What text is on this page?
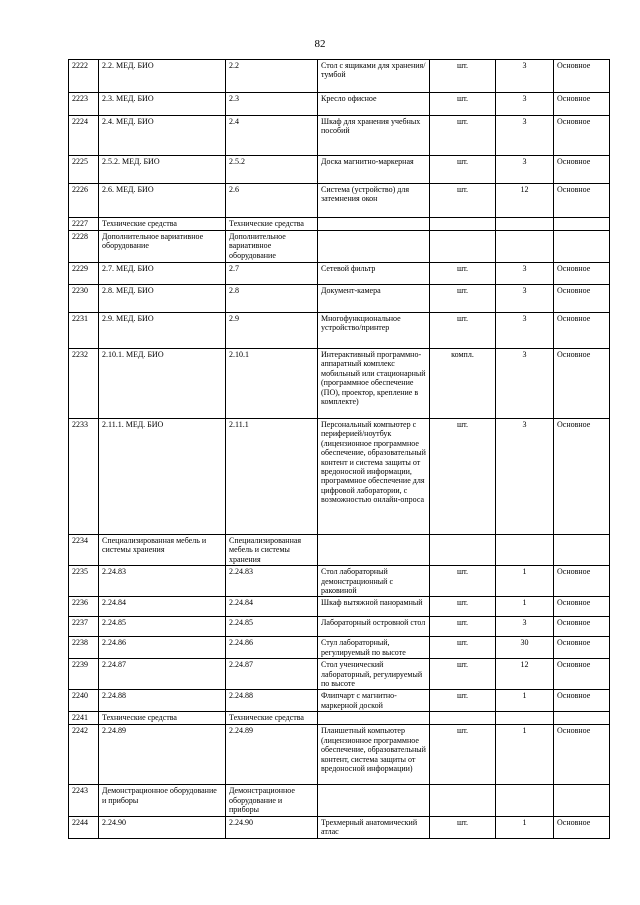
82
2222	2.2. МЕД. БИО	2.2	Стол с ящиками для хранения/тумбой	шт.	3	Основное
2223	2.3. МЕД. БИО	2.3	Кресло офисное	шт.	3	Основное
2224	2.4. МЕД. БИО	2.4	Шкаф для хранения учебных пособий	шт.	3	Основное
2225	2.5.2. МЕД. БИО	2.5.2	Доска магнитно-маркерная	шт.	3	Основное
2226	2.6. МЕД. БИО	2.6	Система (устройство) для затемнения окон	шт.	12	Основное
2227	Технические средства	Технические средства				
2228	Дополнительное вариативное оборудование	Дополнительное вариативное оборудование				
2229	2.7. МЕД. БИО	2.7	Сетевой фильтр	шт.	3	Основное
2230	2.8. МЕД. БИО	2.8	Документ-камера	шт.	3	Основное
2231	2.9. МЕД. БИО	2.9	Многофункциональное устройство/принтер	шт.	3	Основное
2232	2.10.1. МЕД. БИО	2.10.1	Интерактивный программно-аппаратный комплекс мобильный или стационарный (программное обеспечение (ПО), проектор, крепление в комплекте)	компл.	3	Основное
2233	2.11.1. МЕД. БИО	2.11.1	Персональный компьютер с периферией/ноутбук (лицензионное программное обеспечение, образовательный контент и система защиты от вредоносной информации, программное обеспечение для цифровой лаборатории, с возможностью онлайн-опроса	шт.	3	Основное
2234	Специализированная мебель и системы хранения	Специализированная мебель и системы хранения				
2235	2.24.83	2.24.83	Стол лабораторный демонстрационный с раковиной	шт.	1	Основное
2236	2.24.84	2.24.84	Шкаф вытяжной панорамный	шт.	1	Основное
2237	2.24.85	2.24.85	Лабораторный островной стол	шт.	3	Основное
2238	2.24.86	2.24.86	Стул лабораторный, регулируемый по высоте	шт.	30	Основное
2239	2.24.87	2.24.87	Стол ученический лабораторный, регулируемый по высоте	шт.	12	Основное
2240	2.24.88	2.24.88	Флипчарт с магнитно-маркерной доской	шт.	1	Основное
2241	Технические средства	Технические средства				
2242	2.24.89	2.24.89	Планшетный компьютер (лицензионное программное обеспечение, образовательный контент, система защиты от вредоносной информации)	шт.	1	Основное
2243	Демонстрационное оборудование и приборы	Демонстрационное оборудование и приборы				
2244	2.24.90	2.24.90	Трехмерный анатомический атлас	шт.	1	Основное
